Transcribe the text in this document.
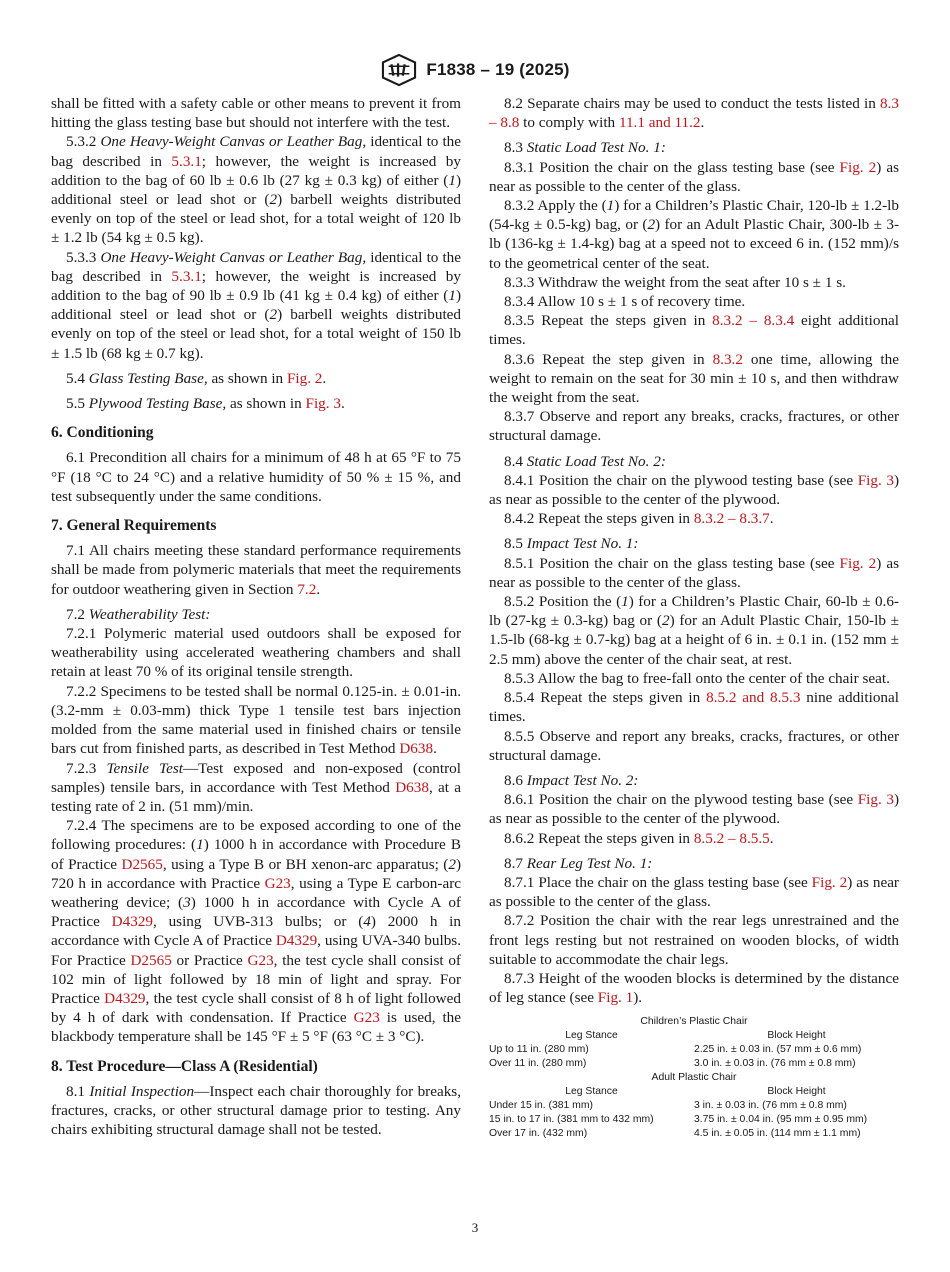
F1838 – 19 (2025)

shall be fitted with a safety cable or other means to prevent it from hitting the glass testing base but should not interfere with the test.

5.3.2 One Heavy-Weight Canvas or Leather Bag, identical to the bag described in 5.3.1; however, the weight is increased by addition to the bag of 60 lb ± 0.6 lb (27 kg ± 0.3 kg) of either (1) additional steel or lead shot or (2) barbell weights distributed evenly on top of the steel or lead shot, for a total weight of 120 lb ± 1.2 lb (54 kg ± 0.5 kg).

5.3.3 One Heavy-Weight Canvas or Leather Bag, identical to the bag described in 5.3.1; however, the weight is increased by addition to the bag of 90 lb ± 0.9 lb (41 kg ± 0.4 kg) of either (1) additional steel or lead shot or (2) barbell weights distributed evenly on top of the steel or lead shot, for a total weight of 150 lb ± 1.5 lb (68 kg ± 0.7 kg).

5.4 Glass Testing Base, as shown in Fig. 2.

5.5 Plywood Testing Base, as shown in Fig. 3.

6. Conditioning

6.1 Precondition all chairs for a minimum of 48 h at 65 °F to 75 °F (18 °C to 24 °C) and a relative humidity of 50 % ± 15 %, and test subsequently under the same conditions.

7. General Requirements

7.1 All chairs meeting these standard performance requirements shall be made from polymeric materials that meet the requirements for outdoor weathering given in Section 7.2.

7.2 Weatherability Test:

7.2.1 Polymeric material used outdoors shall be exposed for weatherability using accelerated weathering chambers and shall retain at least 70 % of its original tensile strength.

7.2.2 Specimens to be tested shall be normal 0.125-in. ± 0.01-in. (3.2-mm ± 0.03-mm) thick Type 1 tensile test bars injection molded from the same material used in finished chairs or tensile bars cut from finished parts, as described in Test Method D638.

7.2.3 Tensile Test—Test exposed and non-exposed (control samples) tensile bars, in accordance with Test Method D638, at a testing rate of 2 in. (51 mm)/min.

7.2.4 The specimens are to be exposed according to one of the following procedures: (1) 1000 h in accordance with Procedure B of Practice D2565, using a Type B or BH xenon-arc apparatus; (2) 720 h in accordance with Practice G23, using a Type E carbon-arc weathering device; (3) 1000 h in accordance with Cycle A of Practice D4329, using UVB-313 bulbs; or (4) 2000 h in accordance with Cycle A of Practice D4329, using UVA-340 bulbs. For Practice D2565 or Practice G23, the test cycle shall consist of 102 min of light followed by 18 min of light and spray. For Practice D4329, the test cycle shall consist of 8 h of light followed by 4 h of dark with condensation. If Practice G23 is used, the blackbody temperature shall be 145 °F ± 5 °F (63 °C ± 3 °C).

8. Test Procedure—Class A (Residential)

8.1 Initial Inspection—Inspect each chair thoroughly for breaks, fractures, cracks, or other structural damage prior to testing. Any chairs exhibiting structural damage shall not be tested.

8.2 Separate chairs may be used to conduct the tests listed in 8.3 – 8.8 to comply with 11.1 and 11.2.

8.3 Static Load Test No. 1:

8.3.1 Position the chair on the glass testing base (see Fig. 2) as near as possible to the center of the glass.

8.3.2 Apply the (1) for a Children’s Plastic Chair, 120-lb ± 1.2-lb (54-kg ± 0.5-kg) bag, or (2) for an Adult Plastic Chair, 300-lb ± 3-lb (136-kg ± 1.4-kg) bag at a speed not to exceed 6 in. (152 mm)/s to the geometrical center of the seat.

8.3.3 Withdraw the weight from the seat after 10 s ± 1 s.

8.3.4 Allow 10 s ± 1 s of recovery time.

8.3.5 Repeat the steps given in 8.3.2 – 8.3.4 eight additional times.

8.3.6 Repeat the step given in 8.3.2 one time, allowing the weight to remain on the seat for 30 min ± 10 s, and then withdraw the weight from the seat.

8.3.7 Observe and report any breaks, cracks, fractures, or other structural damage.

8.4 Static Load Test No. 2:

8.4.1 Position the chair on the plywood testing base (see Fig. 3) as near as possible to the center of the plywood.

8.4.2 Repeat the steps given in 8.3.2 – 8.3.7.

8.5 Impact Test No. 1:

8.5.1 Position the chair on the glass testing base (see Fig. 2) as near as possible to the center of the glass.

8.5.2 Position the (1) for a Children’s Plastic Chair, 60-lb ± 0.6-lb (27-kg ± 0.3-kg) bag or (2) for an Adult Plastic Chair, 150-lb ± 1.5-lb (68-kg ± 0.7-kg) bag at a height of 6 in. ± 0.1 in. (152 mm ± 2.5 mm) above the center of the chair seat, at rest.

8.5.3 Allow the bag to free-fall onto the center of the chair seat.

8.5.4 Repeat the steps given in 8.5.2 and 8.5.3 nine additional times.

8.5.5 Observe and report any breaks, cracks, fractures, or other structural damage.

8.6 Impact Test No. 2:

8.6.1 Position the chair on the plywood testing base (see Fig. 3) as near as possible to the center of the plywood.

8.6.2 Repeat the steps given in 8.5.2 – 8.5.5.

8.7 Rear Leg Test No. 1:

8.7.1 Place the chair on the glass testing base (see Fig. 2) as near as possible to the center of the glass.

8.7.2 Position the chair with the rear legs unrestrained and the front legs resting but not restrained on wooden blocks, of width suitable to accommodate the chair legs.

8.7.3 Height of the wooden blocks is determined by the distance of leg stance (see Fig. 1).

Children’s Plastic Chair
Leg Stance	Block Height
Up to 11 in. (280 mm)	2.25 in. ± 0.03 in. (57 mm ± 0.6 mm)
Over 11 in. (280 mm)	3.0 in. ± 0.03 in. (76 mm ± 0.8 mm)
Adult Plastic Chair
Leg Stance	Block Height
Under 15 in. (381 mm)	3 in. ± 0.03 in. (76 mm ± 0.8 mm)
15 in. to 17 in. (381 mm to 432 mm)	3.75 in. ± 0.04 in. (95 mm ± 0.95 mm)
Over 17 in. (432 mm)	4.5 in. ± 0.05 in. (114 mm ± 1.1 mm)
3
